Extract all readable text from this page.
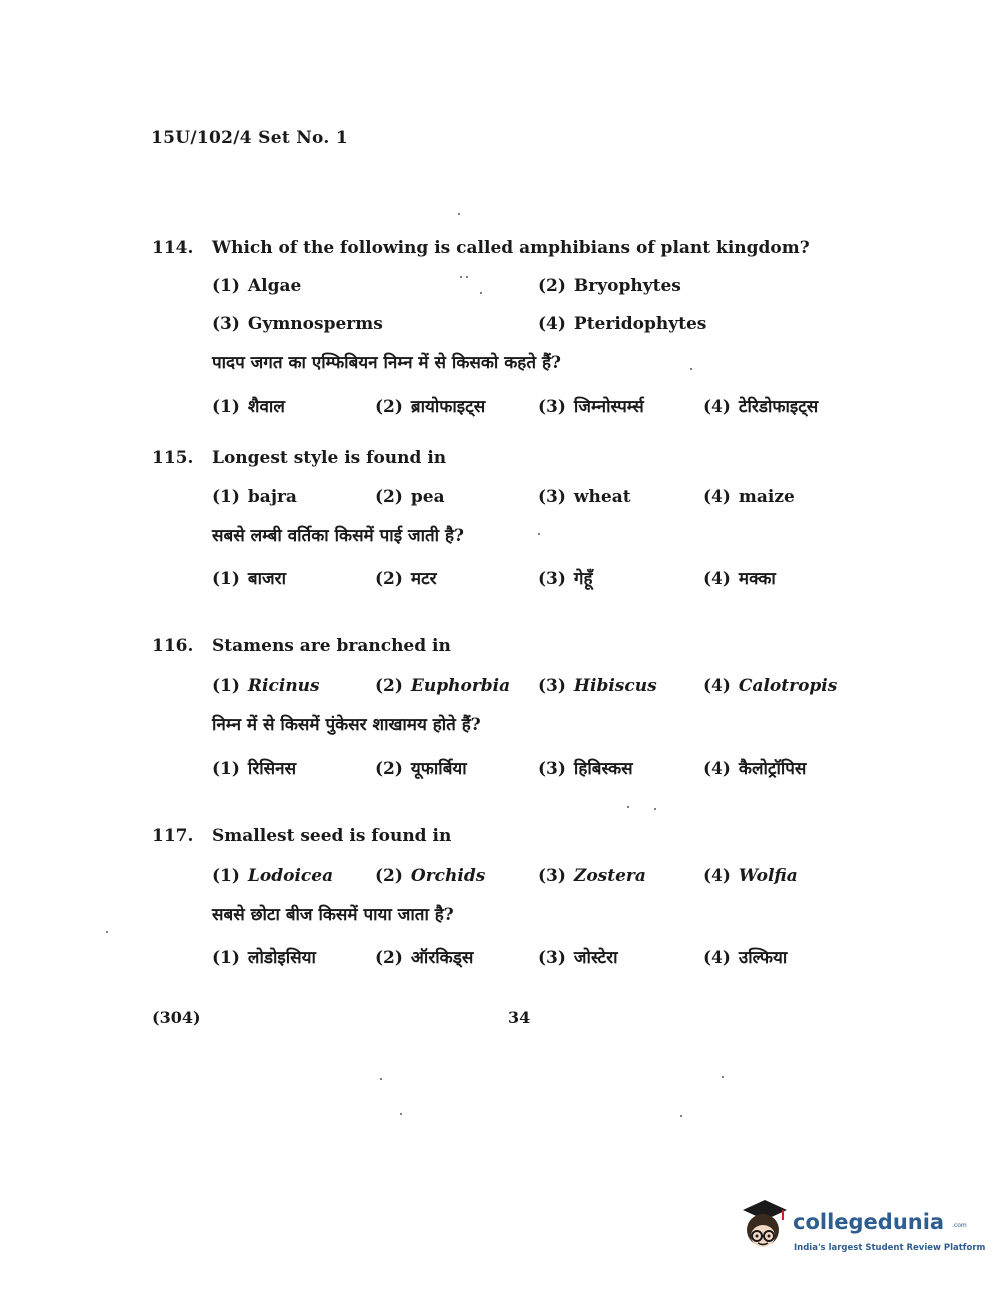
15U/102/4 Set No. 1
114. Which of the following is called amphibians of plant kingdom?
(1) Algae	(2) Bryophytes
(3) Gymnosperms	(4) Pteridophytes
पादप जगत का एम्फिबियन निम्न में से किसको कहते हैं?
(1) शैवाल	(2) ब्रायोफाइट्स	(3) जिम्नोस्पर्म्स	(4) टेरिडोफाइट्स
115. Longest style is found in
(1) bajra	(2) pea	(3) wheat	(4) maize
सबसे लम्बी वर्तिका किसमें पाई जाती है?
(1) बाजरा	(2) मटर	(3) गेहूँ	(4) मक्का
116. Stamens are branched in
(1) Ricinus	(2) Euphorbia (3) Hibiscus	(4) Calotropis
निम्न में से किसमें पुंकेसर शाखामय होते हैं?
(1) रिसिनस	(2) यूफार्बिया	(3) हिबिस्कस	(4) कैलोट्रॉपिस
117. Smallest seed is found in
(1) Lodoicea (2) Orchids	(3) Zostera	(4) Wolfia
सबसे छोटा बीज किसमें पाया जाता है?
(1) लोडोइसिया	(2) ऑरकिड्स	(3) जोस्टेरा	(4) उल्फिया
(304)	34
collegedunia .com
India's largest Student Review Platform
